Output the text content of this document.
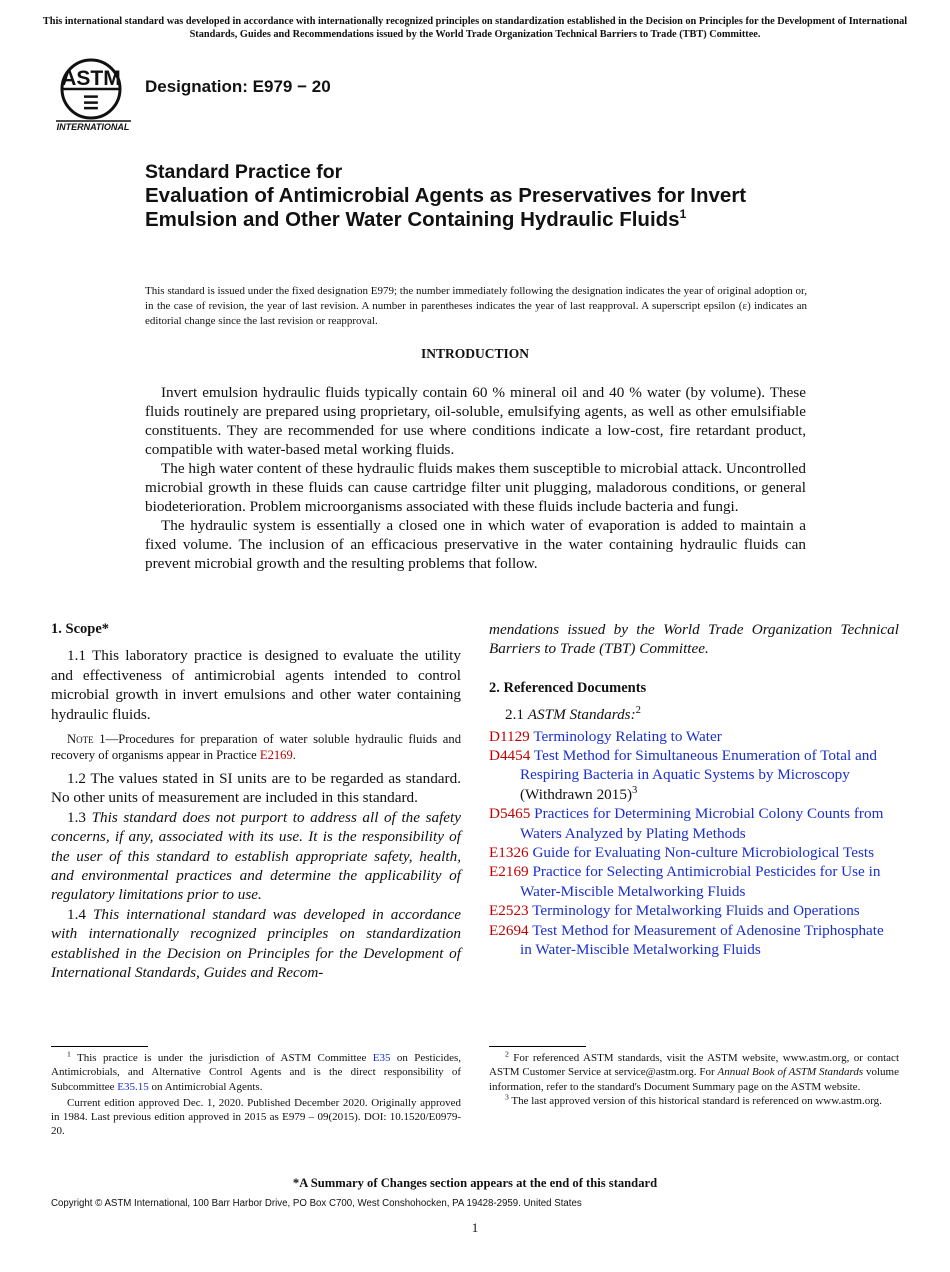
This international standard was developed in accordance with internationally recognized principles on standardization established in the Decision on Principles for the Development of International Standards, Guides and Recommendations issued by the World Trade Organization Technical Barriers to Trade (TBT) Committee.
ASTM
☰
INTERNATIONAL
Designation: E979 − 20
Standard Practice for
Evaluation of Antimicrobial Agents as Preservatives for Invert Emulsion and Other Water Containing Hydraulic Fluids$^1$
This standard is issued under the fixed designation E979; the number immediately following the designation indicates the year of original adoption or, in the case of revision, the year of last revision. A number in parentheses indicates the year of last reapproval. A superscript epsilon (ε) indicates an editorial change since the last revision or reapproval.
INTRODUCTION

Invert emulsion hydraulic fluids typically contain 60 % mineral oil and 40 % water (by volume). These fluids routinely are prepared using proprietary, oil-soluble, emulsifying agents, as well as other emulsifiable constituents. They are recommended for use where conditions indicate a low-cost, fire retardant product, compatible with water-based metal working fluids.

The high water content of these hydraulic fluids makes them susceptible to microbial attack. Uncontrolled microbial growth in these fluids can cause cartridge filter unit plugging, maladorous conditions, or general biodeterioration. Problem microorganisms associated with these fluids include bacteria and fungi.

The hydraulic system is essentially a closed one in which water of evaporation is added to maintain a fixed volume. The inclusion of an efficacious preservative in the water containing hydraulic fluids can prevent microbial growth and the resulting problems that follow.

1. Scope*

1.1 This laboratory practice is designed to evaluate the utility and effectiveness of antimicrobial agents intended to control microbial growth in invert emulsions and other water containing hydraulic fluids.

Note 1—Procedures for preparation of water soluble hydraulic fluids and recovery of organisms appear in Practice E2169.

1.2 The values stated in SI units are to be regarded as standard. No other units of measurement are included in this standard.

1.3 This standard does not purport to address all of the safety concerns, if any, associated with its use. It is the responsibility of the user of this standard to establish appropriate safety, health, and environmental practices and determine the applicability of regulatory limitations prior to use.

1.4 This international standard was developed in accordance with internationally recognized principles on standardization established in the Decision on Principles for the Development of International Standards, Guides and Recom-

mendations issued by the World Trade Organization Technical Barriers to Trade (TBT) Committee.

2. Referenced Documents

2.1 ASTM Standards:$^2$

D1129 Terminology Relating to Water

D4454 Test Method for Simultaneous Enumeration of Total and Respiring Bacteria in Aquatic Systems by Microscopy (Withdrawn 2015)$^3$

D5465 Practices for Determining Microbial Colony Counts from Waters Analyzed by Plating Methods

E1326 Guide for Evaluating Non-culture Microbiological Tests

E2169 Practice for Selecting Antimicrobial Pesticides for Use in Water-Miscible Metalworking Fluids

E2523 Terminology for Metalworking Fluids and Operations

E2694 Test Method for Measurement of Adenosine Triphosphate in Water-Miscible Metalworking Fluids

$^1$ This practice is under the jurisdiction of ASTM Committee E35 on Pesticides, Antimicrobials, and Alternative Control Agents and is the direct responsibility of Subcommittee E35.15 on Antimicrobial Agents.

Current edition approved Dec. 1, 2020. Published December 2020. Originally approved in 1984. Last previous edition approved in 2015 as E979 – 09(2015). DOI: 10.1520/E0979-20.

$^2$ For referenced ASTM standards, visit the ASTM website, www.astm.org, or contact ASTM Customer Service at service@astm.org. For Annual Book of ASTM Standards volume information, refer to the standard's Document Summary page on the ASTM website.

$^3$ The last approved version of this historical standard is referenced on www.astm.org.

*A Summary of Changes section appears at the end of this standard
Copyright © ASTM International, 100 Barr Harbor Drive, PO Box C700, West Conshohocken, PA 19428-2959. United States
1
